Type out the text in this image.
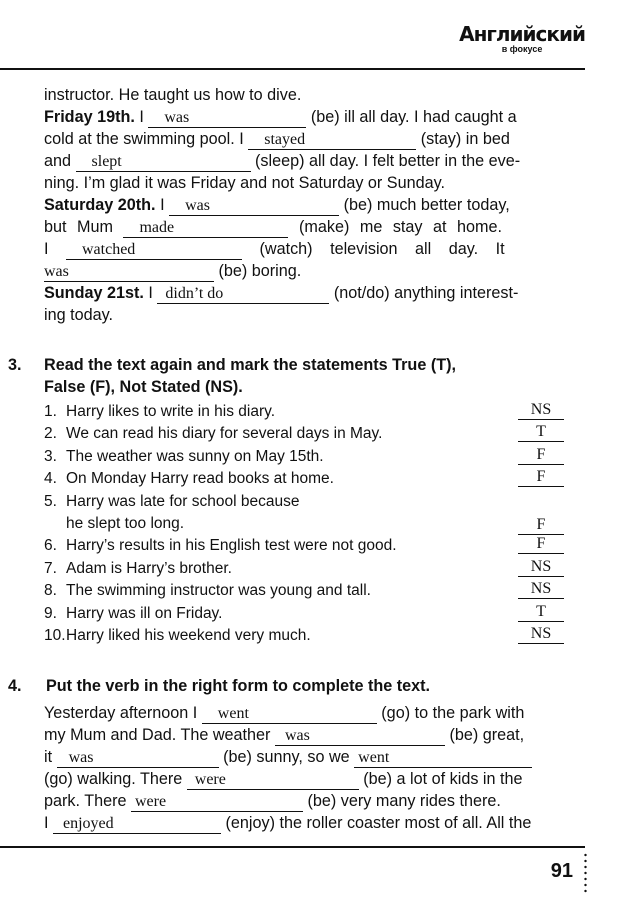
Английский
в фокусе
instructor. He taught us how to dive.
Friday 19th. I was	(be) ill all day. I had caught a
cold at the swimming pool. I stayed	(stay) in bed
and slept	(sleep) all day. I felt better in the eve-
ning. I’m glad it was Friday and not Saturday or Sunday.
Saturday 20th. I was	(be) much better today,
but Mum made	(make) me stay at home.
I watched	(watch) television all day. It
was	(be) boring.
Sunday 21st. I didn’t do	(not/do) anything interest-
ing today.
3. Read the text again and mark the statements True (T),
False (F), Not Stated (NS).
1. Harry likes to write in his diary.	NS
2. We can read his diary for several days in May.	T
3. The weather was sunny on May 15th.	F
4. On Monday Harry read books at home.	F
5. Harry was late for school because
he slept too long.	F
6. Harry’s results in his English test were not good.	F
7. Adam is Harry’s brother.	NS
8. The swimming instructor was young and tall.	NS
9. Harry was ill on Friday.	T
10.Harry liked his weekend very much.	NS
4. Put the verb in the right form to complete the text.
Yesterday afternoon I went	(go) to the park with
my Mum and Dad. The weather was	(be) great,
it was	(be) sunny, so we went
(go) walking. There were	(be) a lot of kids in the
park. There were	(be) very many rides there.
I enjoyed	(enjoy) the roller coaster most of all. All the
91
